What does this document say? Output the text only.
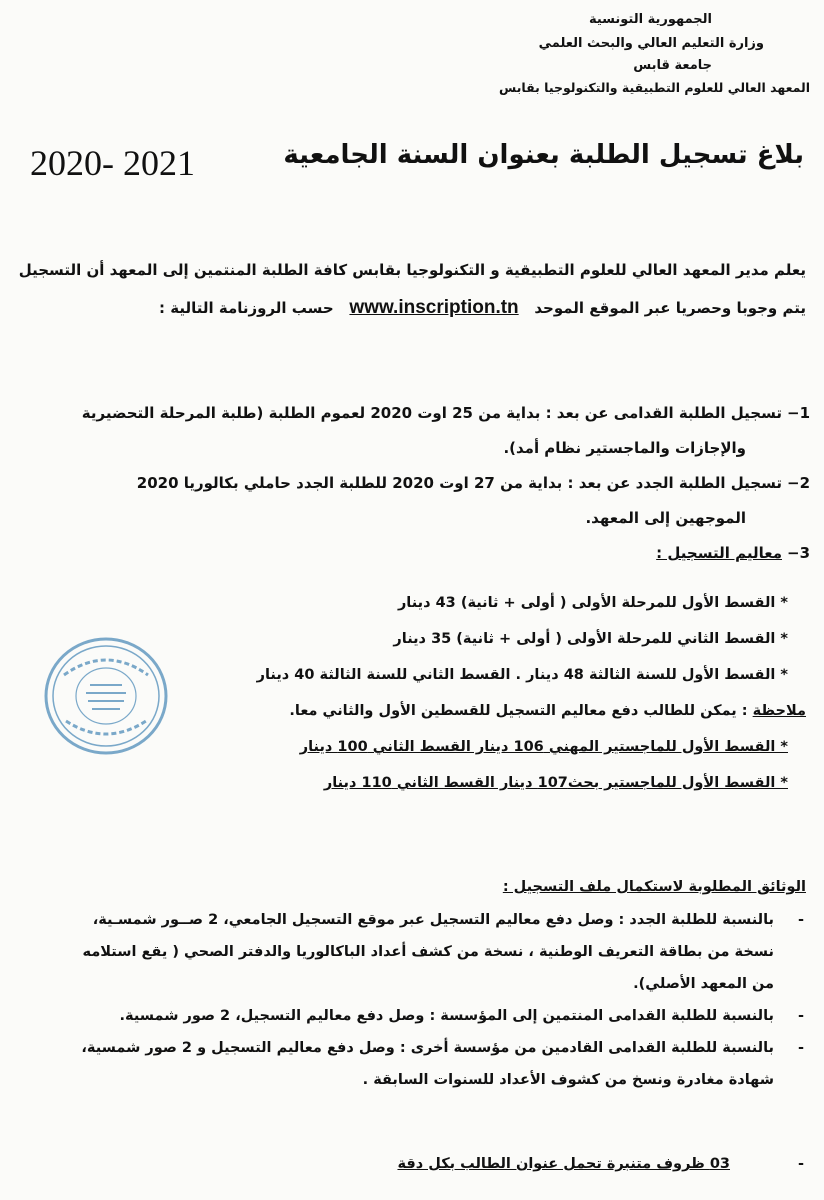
الجمهورية التونسية
وزارة التعليم العالي والبحث العلمي
جامعة قابس
المعهد العالي للعلوم التطبيقية والتكنولوجيا بقابس
بلاغ تسجيل الطلبة بعنوان السنة الجامعية
2020- 2021
يعلم مدير المعهد العالي للعلوم التطبيقية و التكنولوجيا بقابس كافة الطلبة المنتمين إلى المعهد أن التسجيل
يتم وجوبا وحصريا عبر الموقع الموحد   www.inscription.tn   حسب الروزنامة التالية :
1−
تسجيل الطلبة القدامى عن بعد : بداية من 25 اوت 2020 لعموم الطلبة (طلبة المرحلة التحضيرية
والإجازات والماجستير نظام أمد).
2−
تسجيل الطلبة الجدد عن بعد : بداية من 27 اوت 2020 للطلبة الجدد حاملي بكالوريا 2020
الموجهين إلى المعهد.
3−
معاليم التسجيل :
* القسط الأول للمرحلة الأولى ( أولى + ثانية) 43 دينار
* القسط الثاني للمرحلة الأولى ( أولى + ثانية) 35 دينار
* القسط الأول للسنة الثالثة 48 دينار . القسط الثاني للسنة الثالثة 40 دينار
ملاحظة : يمكن للطالب دفع معاليم التسجيل للقسطين الأول والثاني معا.
* القسط الأول للماجستير المهني 106 دينار القسط الثاني 100 دينار
* القسط الأول للماجستير بحث107 دينار القسط الثاني 110 دينار
الوثائق المطلوبة لاستكمال ملف التسجيل :
-
بالنسبة للطلبة الجدد : وصل دفع معاليم التسجيل عبر موقع التسجيل الجامعي، 2 صــور شمسـية،
نسخة من بطاقة التعريف الوطنية ، نسخة من كشف أعداد الباكالوريا والدفتر الصحي ( يقع استلامه
من المعهد الأصلي).
-
بالنسبة للطلبة القدامى المنتمين إلى المؤسسة : وصل دفع معاليم التسجيل، 2 صور شمسية.
-
بالنسبة للطلبة القدامى القادمين من مؤسسة أخرى : وصل دفع معاليم التسجيل و 2 صور شمسية،
شهادة مغادرة ونسخ من كشوف الأعداد للسنوات السابقة .
-
03 ظروف متنبرة تحمل عنوان الطالب بكل دقة
